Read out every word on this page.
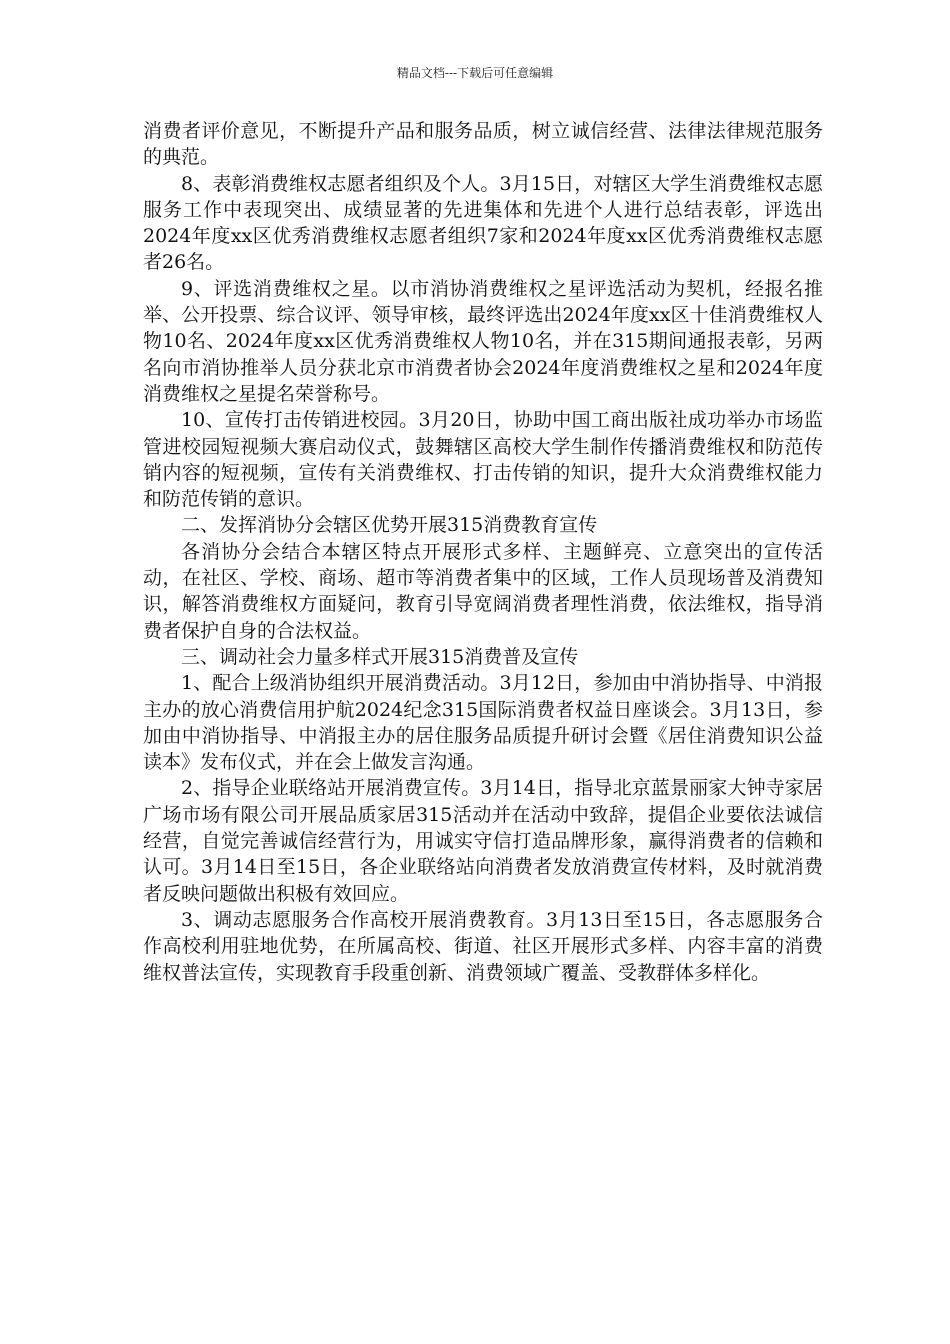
精品文档---下载后可任意编辑

消费者评价意见，不断提升产品和服务品质，树立诚信经营、法律法律规范服务的典范。

8、表彰消费维权志愿者组织及个人。3月15日，对辖区大学生消费维权志愿服务工作中表现突出、成绩显著的先进集体和先进个人进行总结表彰，评选出2024年度xx区优秀消费维权志愿者组织7家和2024年度xx区优秀消费维权志愿者26名。

9、评选消费维权之星。以市消协消费维权之星评选活动为契机，经报名推举、公开投票、综合议评、领导审核，最终评选出2024年度xx区十佳消费维权人物10名、2024年度xx区优秀消费维权人物10名，并在315期间通报表彰，另两名向市消协推举人员分获北京市消费者协会2024年度消费维权之星和2024年度消费维权之星提名荣誉称号。

10、宣传打击传销进校园。3月20日，协助中国工商出版社成功举办市场监管进校园短视频大赛启动仪式，鼓舞辖区高校大学生制作传播消费维权和防范传销内容的短视频，宣传有关消费维权、打击传销的知识，提升大众消费维权能力和防范传销的意识。

二、发挥消协分会辖区优势开展315消费教育宣传

各消协分会结合本辖区特点开展形式多样、主题鲜亮、立意突出的宣传活动，在社区、学校、商场、超市等消费者集中的区域，工作人员现场普及消费知识，解答消费维权方面疑问，教育引导宽阔消费者理性消费，依法维权，指导消费者保护自身的合法权益。

三、调动社会力量多样式开展315消费普及宣传

1、配合上级消协组织开展消费活动。3月12日，参加由中消协指导、中消报主办的放心消费信用护航2024纪念315国际消费者权益日座谈会。3月13日，参加由中消协指导、中消报主办的居住服务品质提升研讨会暨《居住消费知识公益读本》发布仪式，并在会上做发言沟通。

2、指导企业联络站开展消费宣传。3月14日，指导北京蓝景丽家大钟寺家居广场市场有限公司开展品质家居315活动并在活动中致辞，提倡企业要依法诚信经营，自觉完善诚信经营行为，用诚实守信打造品牌形象，赢得消费者的信赖和认可。3月14日至15日，各企业联络站向消费者发放消费宣传材料，及时就消费者反映问题做出积极有效回应。

3、调动志愿服务合作高校开展消费教育。3月13日至15日，各志愿服务合作高校利用驻地优势，在所属高校、街道、社区开展形式多样、内容丰富的消费维权普法宣传，实现教育手段重创新、消费领域广覆盖、受教群体多样化。
